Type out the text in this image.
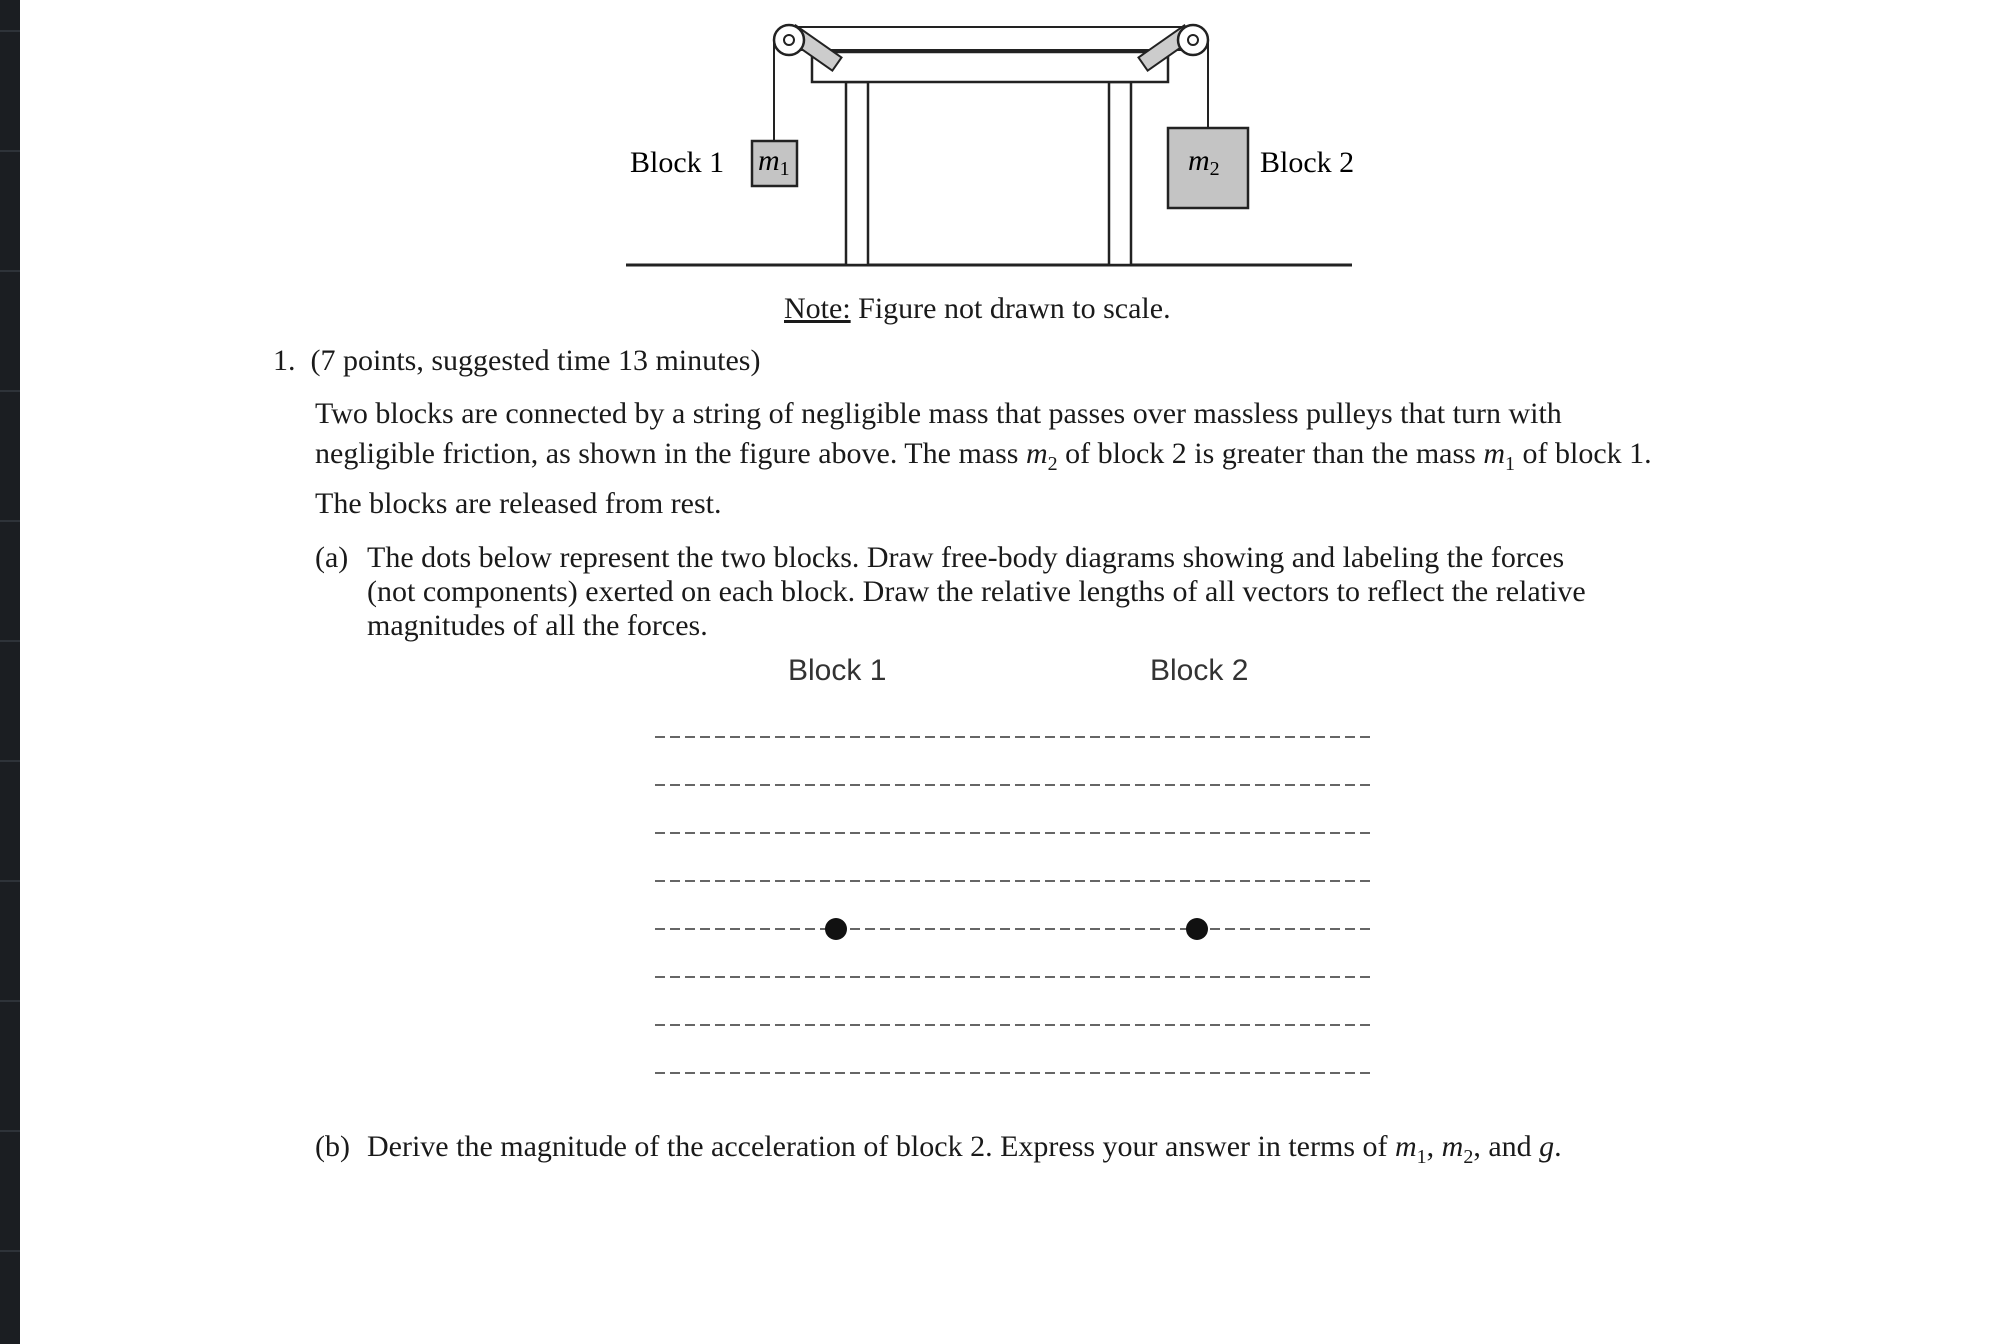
Block 1	Block 2
m1	m2
Note: Figure not drawn to scale.
1. (7 points, suggested time 13 minutes)
Two blocks are connected by a string of negligible mass that passes over massless pulleys that turn with
negligible friction, as shown in the figure above. The mass $m_2$ of block 2 is greater than the mass $m_1$ of block 1.
The blocks are released from rest.
(a) The dots below represent the two blocks. Draw free-body diagrams showing and labeling the forces
(not components) exerted on each block. Draw the relative lengths of all vectors to reflect the relative
magnitudes of all the forces.
Block 1	Block 2
(b) Derive the magnitude of the acceleration of block 2. Express your answer in terms of $m_1$, $m_2$, and g.
